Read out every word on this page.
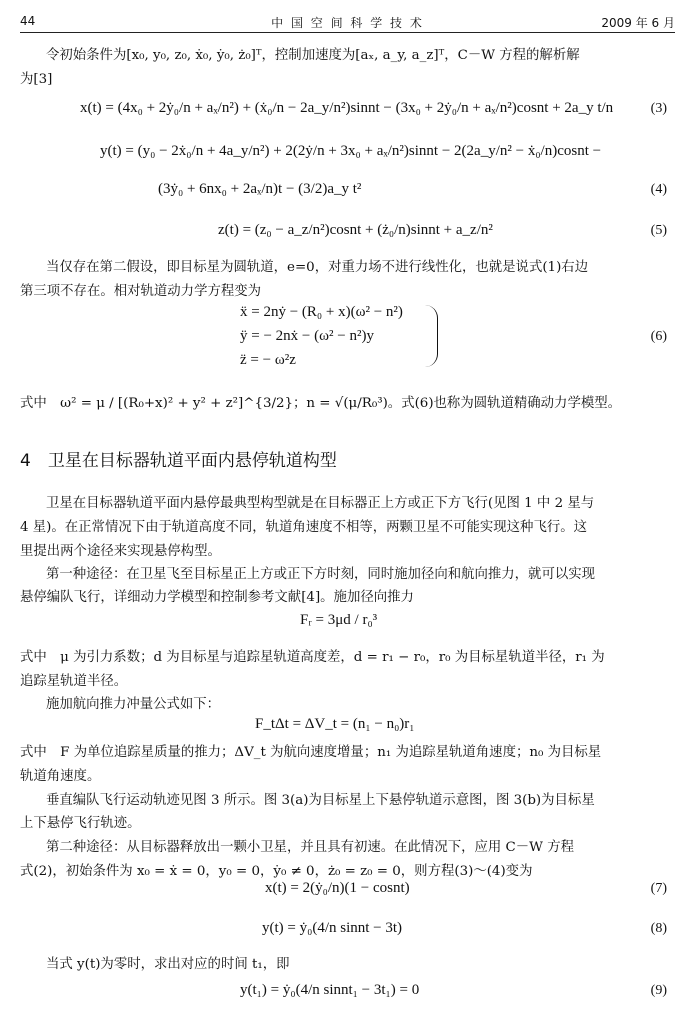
44	中 国 空 间 科 学 技 术	2009 年 6 月
令初始条件为[x₀, y₀, z₀, ẋ₀, ẏ₀, ż₀]ᵀ，控制加速度为[aₓ, a_y, a_z]ᵀ，C－W 方程的解析解
为[3]
x(t) = (4x₀ + 2ẏ₀/n + aₓ/n²) + (ẋ₀/n − 2a_y/n²)sinnt − (3x₀ + 2ẏ₀/n + aₓ/n²)cosnt + 2a_y t/n	(3)
y(t) = (y₀ − 2ẋ₀/n + 4a_y/n²) + 2(2ẏ/n + 3x₀ + aₓ/n²)sinnt − 2(2a_y/n² − ẋ₀/n)cosnt −
(3ẏ₀ + 6nx₀ + 2aₓ/n)t − (3/2)a_y t²	(4)
z(t) = (z₀ − a_z/n²)cosnt + (ż₀/n)sinnt + a_z/n²	(5)
当仅存在第二假设，即目标星为圆轨道，e=0，对重力场不进行线性化，也就是说式(1)右边
第三项不存在。相对轨道动力学方程变为
ẍ = 2nẏ − (R₀ + x)(ω² − n²)
ÿ = − 2nẋ − (ω² − n²)y
z̈ = − ω²z
(6)
式中　ω² = μ / [(R₀+x)² + y² + z²]^{3/2}；n = √(μ/R₀³)。式(6)也称为圆轨道精确动力学模型。
4　卫星在目标器轨道平面内悬停轨道构型
卫星在目标器轨道平面内悬停最典型构型就是在目标器正上方或正下方飞行(见图 1 中 2 星与
4 星)。在正常情况下由于轨道高度不同，轨道角速度不相等，两颗卫星不可能实现这种飞行。这
里提出两个途径来实现悬停构型。
第一种途径：在卫星飞至目标星正上方或正下方时刻，同时施加径向和航向推力，就可以实现
悬停编队飞行，详细动力学模型和控制参考文献[4]。施加径向推力
Fᵣ = 3μd / r₀³
式中　μ 为引力系数；d 为目标星与追踪星轨道高度差，d = r₁ − r₀，r₀ 为目标星轨道半径，r₁ 为
追踪星轨道半径。
施加航向推力冲量公式如下：
F_tΔt = ΔV_t = (n₁ − n₀)r₁
式中　F 为单位追踪星质量的推力；ΔV_t 为航向速度增量；n₁ 为追踪星轨道角速度；n₀ 为目标星
轨道角速度。
垂直编队飞行运动轨迹见图 3 所示。图 3(a)为目标星上下悬停轨道示意图，图 3(b)为目标星
上下悬停飞行轨迹。
第二种途径：从目标器释放出一颗小卫星，并且具有初速。在此情况下，应用 C－W 方程
式(2)，初始条件为 x₀ = ẋ = 0，y₀ = 0，ẏ₀ ≠ 0，ż₀ = z₀ = 0，则方程(3)～(4)变为
x(t) = 2(ẏ₀/n)(1 − cosnt)	(7)
y(t) = ẏ₀(4/n sinnt − 3t)	(8)
当式 y(t)为零时，求出对应的时间 t₁，即
y(t₁) = ẏ₀(4/n sinnt₁ − 3t₁) = 0	(9)
